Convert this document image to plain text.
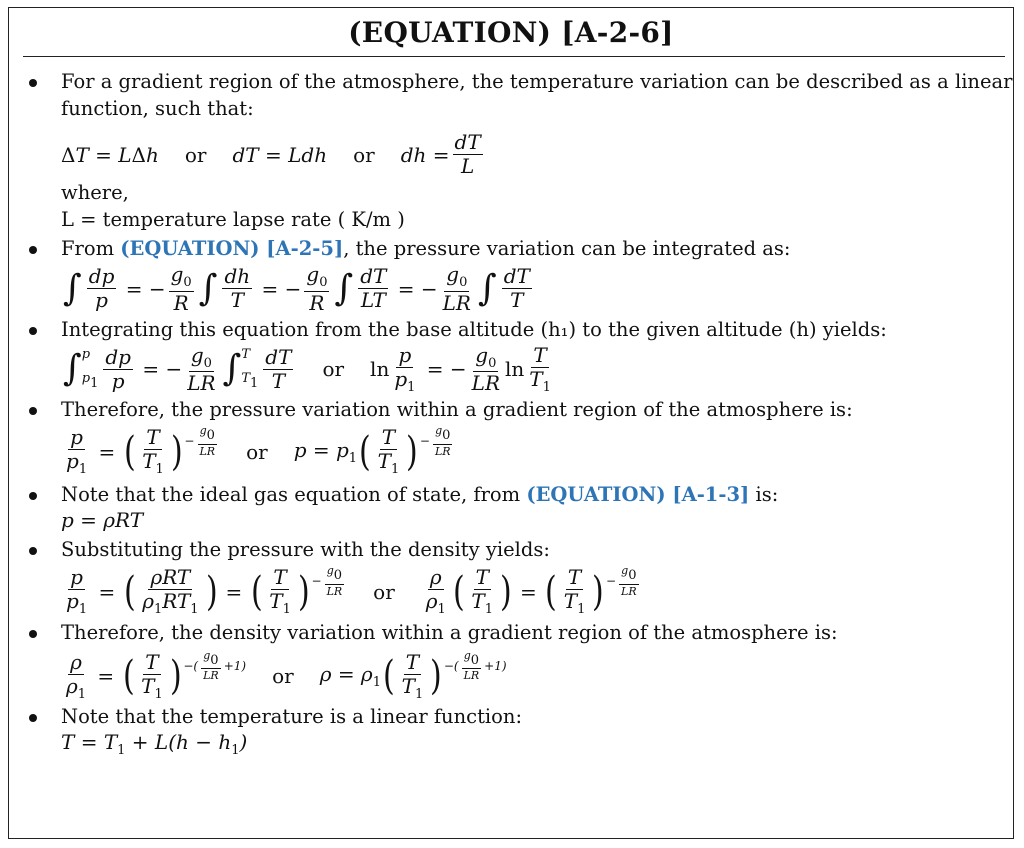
(EQUATION) [A-2-6]

For a gradient region of the atmosphere, the temperature variation can be described as a linear function, such that:

ΔT = LΔh or dT = Ldh or dh = $\frac{dT}{L}$

where,

L = temperature lapse rate ( K/m )

From (EQUATION) [A-2-5], the pressure variation can be integrated as:

∫ $\frac{dp}{p}$ = − $\frac{g_0}{R}$ ∫ $\frac{dh}{T}$ = − $\frac{g_0}{R}$ ∫ $\frac{dT}{LT}$ = − $\frac{g_0}{LR}$ ∫ $\frac{dT}{T}$

Integrating this equation from the base altitude (h₁) to the given altitude (h) yields:

∫ p
$p1 \frac{dp}{p}$ = − $\frac{g_0}{LR}$ ∫ T
$T1 \frac{dT}{T}$ or $\ln \frac{p}{p_1}$ = − $\frac{g_0}{LR}$ $\ln \frac{T}{T_1}$

Therefore, the pressure variation within a gradient region of the atmosphere is:

$\frac{p}{p_1}$ = ( $\frac{T}{T_1}$ ) − $\frac{g0}{LR}$ or $p = p_1$ ( $\frac{T}{T_1}$ ) − $\frac{g0}{LR}$

Note that the ideal gas equation of state, from (EQUATION) [A-1-3] is:

p = ρRT

Substituting the pressure with the density yields:

$\frac{p}{p_1}$ = ( $\frac{\text{ρRT}}{\rho_1RT_1}$ ) = ( $\frac{T}{T_1}$ ) − $\frac{g0}{LR}$ or $\frac{\rho}{\rho_1}$ ( $\frac{T}{T_1}$ ) = ( $\frac{T}{T_1}$ ) − $\frac{g0}{LR}$

Therefore, the density variation within a gradient region of the atmosphere is:

$\frac{\rho}{\rho_1}$ = ( $\frac{T}{T_1}$ ) −( $\frac{g0}{LR} +1$) or $\rho = \rho_1$ ( $\frac{T}{T_1}$ ) −( $\frac{g0}{LR} +1$)

Note that the temperature is a linear function:

$T = T_1 + L(h - h_1)$
